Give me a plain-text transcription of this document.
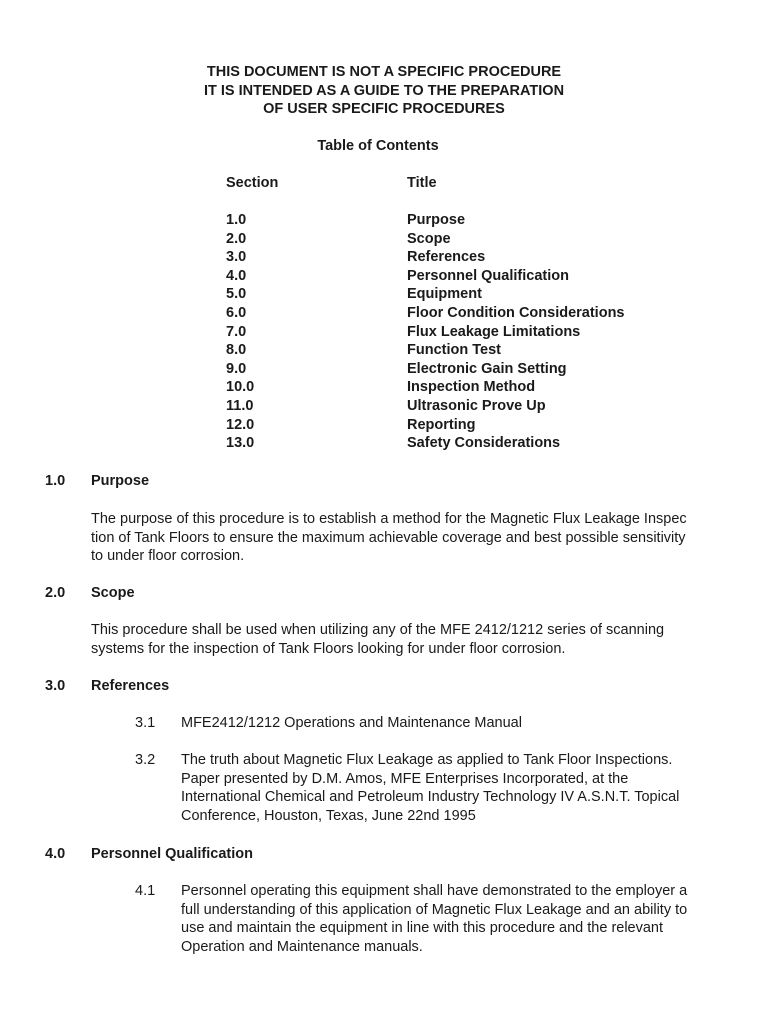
THIS DOCUMENT IS NOT A SPECIFIC PROCEDURE
IT IS INTENDED AS A GUIDE TO THE PREPARATION
OF USER SPECIFIC PROCEDURES
Table of Contents
Section	Title
1.0	Purpose
2.0	Scope
3.0	References
4.0	Personnel Qualification
5.0	Equipment
6.0	Floor Condition Considerations
7.0	Flux Leakage Limitations
8.0	Function Test
9.0	Electronic Gain Setting
10.0	Inspection Method
11.0	Ultrasonic Prove Up
12.0	Reporting
13.0	Safety Considerations
1.0 Purpose
The purpose of this procedure is to establish a method for the Magnetic Flux Leakage Inspec
tion of Tank Floors to ensure the maximum achievable coverage and best possible sensitivity
to under floor corrosion.
2.0 Scope
This procedure shall be used when utilizing any of the MFE 2412/1212 series of scanning
systems for the inspection of Tank Floors looking for under floor corrosion.
3.0 References
3.1 MFE2412/1212 Operations and Maintenance Manual
3.2 The truth about Magnetic Flux Leakage as applied to Tank Floor Inspections.
Paper presented by D.M. Amos, MFE Enterprises Incorporated, at the
International Chemical and Petroleum Industry Technology IV A.S.N.T. Topical
Conference, Houston, Texas, June 22nd 1995
4.0 Personnel Qualification
4.1 Personnel operating this equipment shall have demonstrated to the employer a
full understanding of this application of Magnetic Flux Leakage and an ability to
use and maintain the equipment in line with this procedure and the relevant
Operation and Maintenance manuals.
